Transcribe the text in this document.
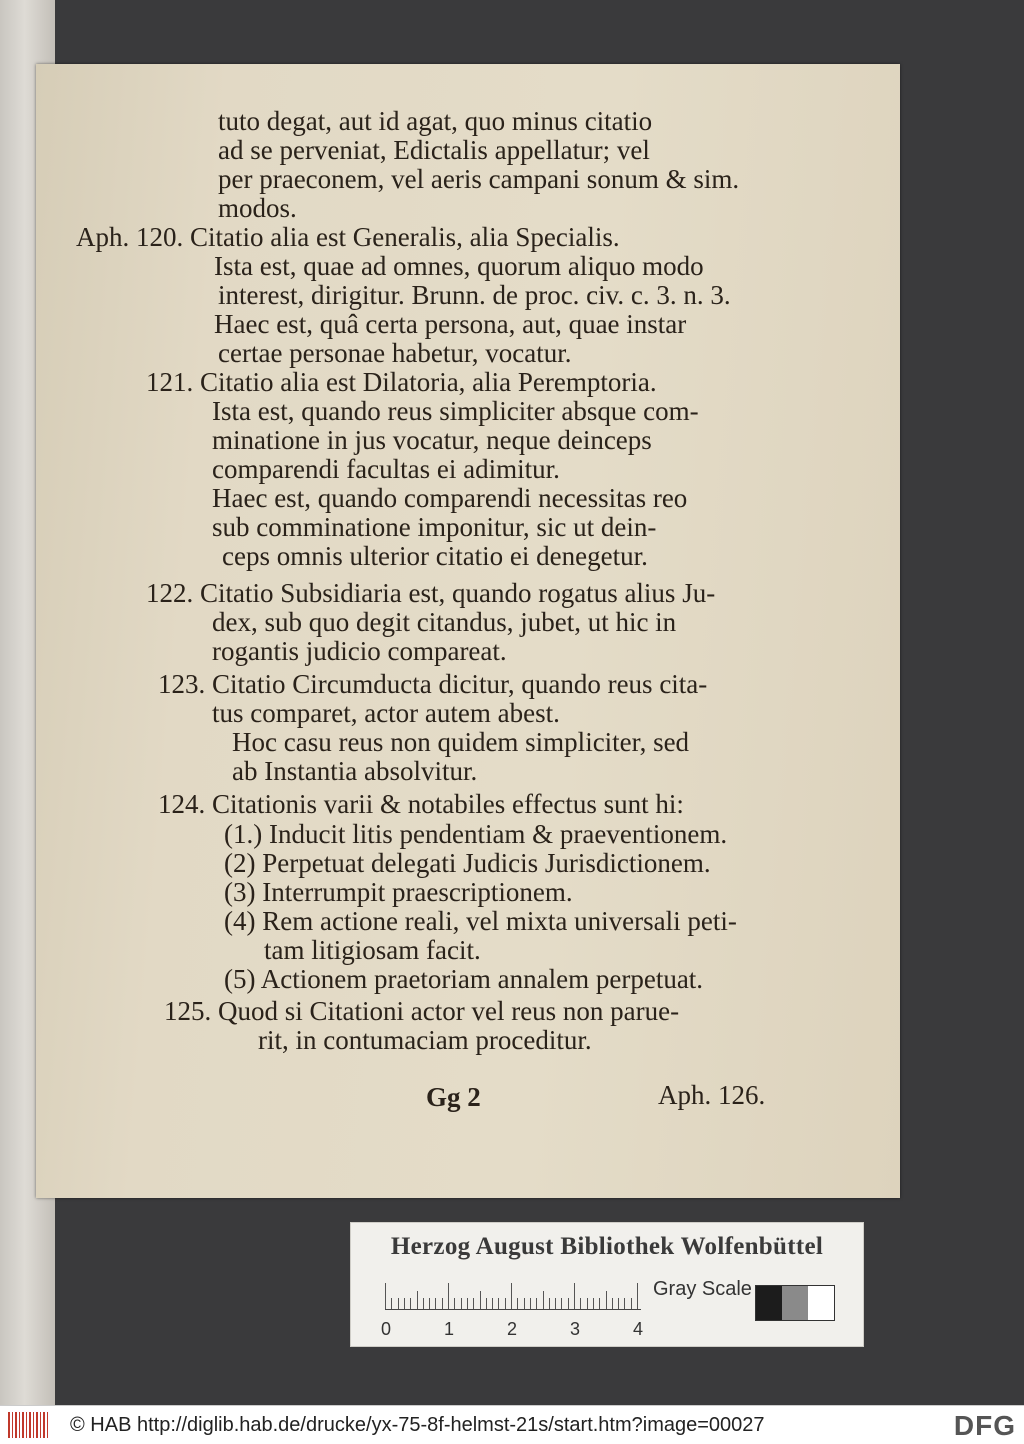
tuto degat, aut id agat, quo minus citatio
ad se perveniat, Edictalis appellatur; vel
per praeconem, vel aeris campani sonum & sim.
modos.
Aph. 120. Citatio alia est Generalis, alia Specialis.
Ista est, quae ad omnes, quorum aliquo modo
interest, dirigitur. Brunn. de proc. civ. c. 3. n. 3.
Haec est, quâ certa persona, aut, quae instar
certae personae habetur, vocatur.
121. Citatio alia est Dilatoria, alia Peremptoria.
Ista est, quando reus simpliciter absque com-
minatione in jus vocatur, neque deinceps
comparendi facultas ei adimitur.
Haec est, quando comparendi necessitas reo
sub comminatione imponitur, sic ut dein-
ceps omnis ulterior citatio ei denegetur.
122. Citatio Subsidiaria est, quando rogatus alius Ju-
dex, sub quo degit citandus, jubet, ut hic in
rogantis judicio compareat.
123. Citatio Circumducta dicitur, quando reus cita-
tus comparet, actor autem abest.
Hoc casu reus non quidem simpliciter, sed
ab Instantia absolvitur.
124. Citationis varii & notabiles effectus sunt hi:
(1.) Inducit litis pendentiam & praeventionem.
(2) Perpetuat delegati Judicis Jurisdictionem.
(3) Interrumpit praescriptionem.
(4) Rem actione reali, vel mixta universali peti-
tam litigiosam facit.
(5) Actionem praetoriam annalem perpetuat.
125. Quod si Citationi actor vel reus non parue-
rit, in contumaciam proceditur.
Gg 2	Aph. 126.
Herzog August Bibliothek Wolfenbüttel
0	1	2	3	4
Gray Scale
© HAB http://diglib.hab.de/drucke/yx-75-8f-helmst-21s/start.htm?image=00027	DFG
